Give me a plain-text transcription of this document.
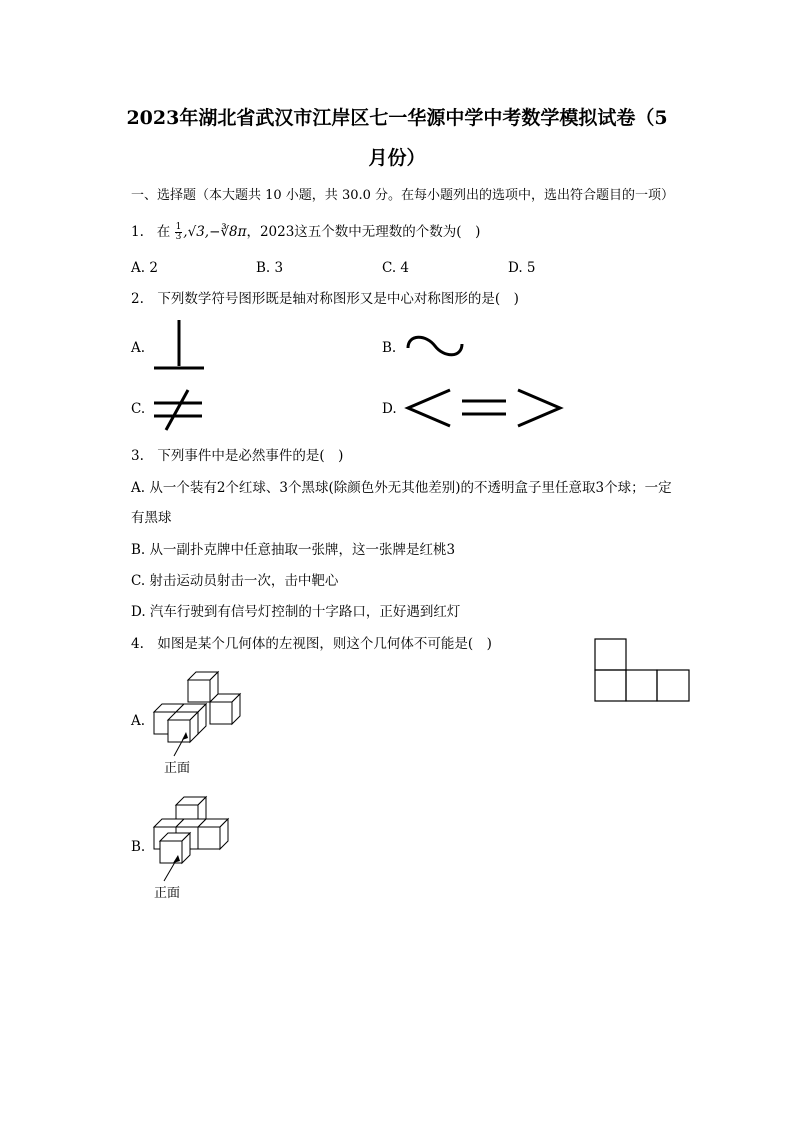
2023年湖北省武汉市江岸区七一华源中学中考数学模拟试卷（5
月份）
一、选择题（本大题共 10 小题，共 30.0 分。在每小题列出的选项中，选出符合题目的一项）
1. 在 $\frac{1}{3}$ ,√3,−∛8π，2023这五个数中无理数的个数为(　)
A. 2	B. 3	C. 4	D. 5
2.　下列数学符号图形既是轴对称图形又是中心对称图形的是(　)
A.	B.
C.	D.
3.　下列事件中是必然事件的是(　)
A. 从一个装有2个红球、3个黑球(除颜色外无其他差别)的不透明盒子里任意取3个球；一定
有黑球
B. 从一副扑克牌中任意抽取一张牌，这一张牌是红桃3
C. 射击运动员射击一次，击中靶心
D. 汽车行驶到有信号灯控制的十字路口，正好遇到红灯
4.　如图是某个几何体的左视图，则这个几何体不可能是(　)
A.
正面
B.
正面
